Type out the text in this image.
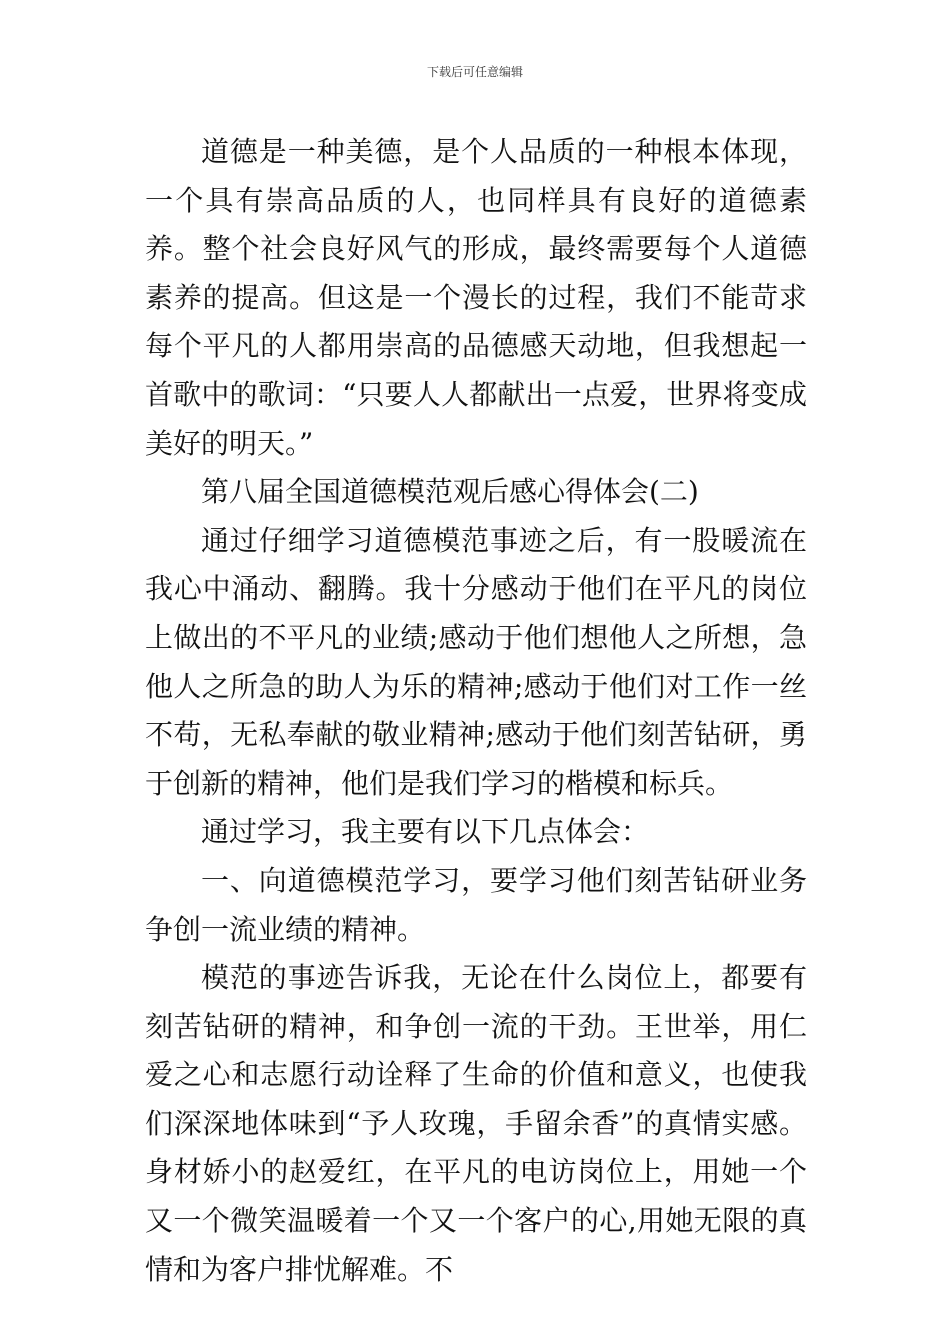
下载后可任意编辑

道德是一种美德，是个人品质的一种根本体现，一个具有崇高品质的人，也同样具有良好的道德素养。整个社会良好风气的形成，最终需要每个人道德素养的提高。但这是一个漫长的过程，我们不能苛求每个平凡的人都用崇高的品德感天动地，但我想起一首歌中的歌词：“只要人人都献出一点爱，世界将变成美好的明天。”

第八届全国道德模范观后感心得体会(二)

通过仔细学习道德模范事迹之后，有一股暖流在我心中涌动、翻腾。我十分感动于他们在平凡的岗位上做出的不平凡的业绩;感动于他们想他人之所想，急他人之所急的助人为乐的精神;感动于他们对工作一丝不苟，无私奉献的敬业精神;感动于他们刻苦钻研，勇于创新的精神，他们是我们学习的楷模和标兵。

通过学习，我主要有以下几点体会：

一、向道德模范学习，要学习他们刻苦钻研业务争创一流业绩的精神。

模范的事迹告诉我，无论在什么岗位上，都要有刻苦钻研的精神，和争创一流的干劲。王世举，用仁爱之心和志愿行动诠释了生命的价值和意义，也使我们深深地体味到“予人玫瑰，手留余香”的真情实感。身材娇小的赵爱红，在平凡的电访岗位上，用她一个又一个微笑温暖着一个又一个客户的心,用她无限的真情和为客户排忧解难。不
